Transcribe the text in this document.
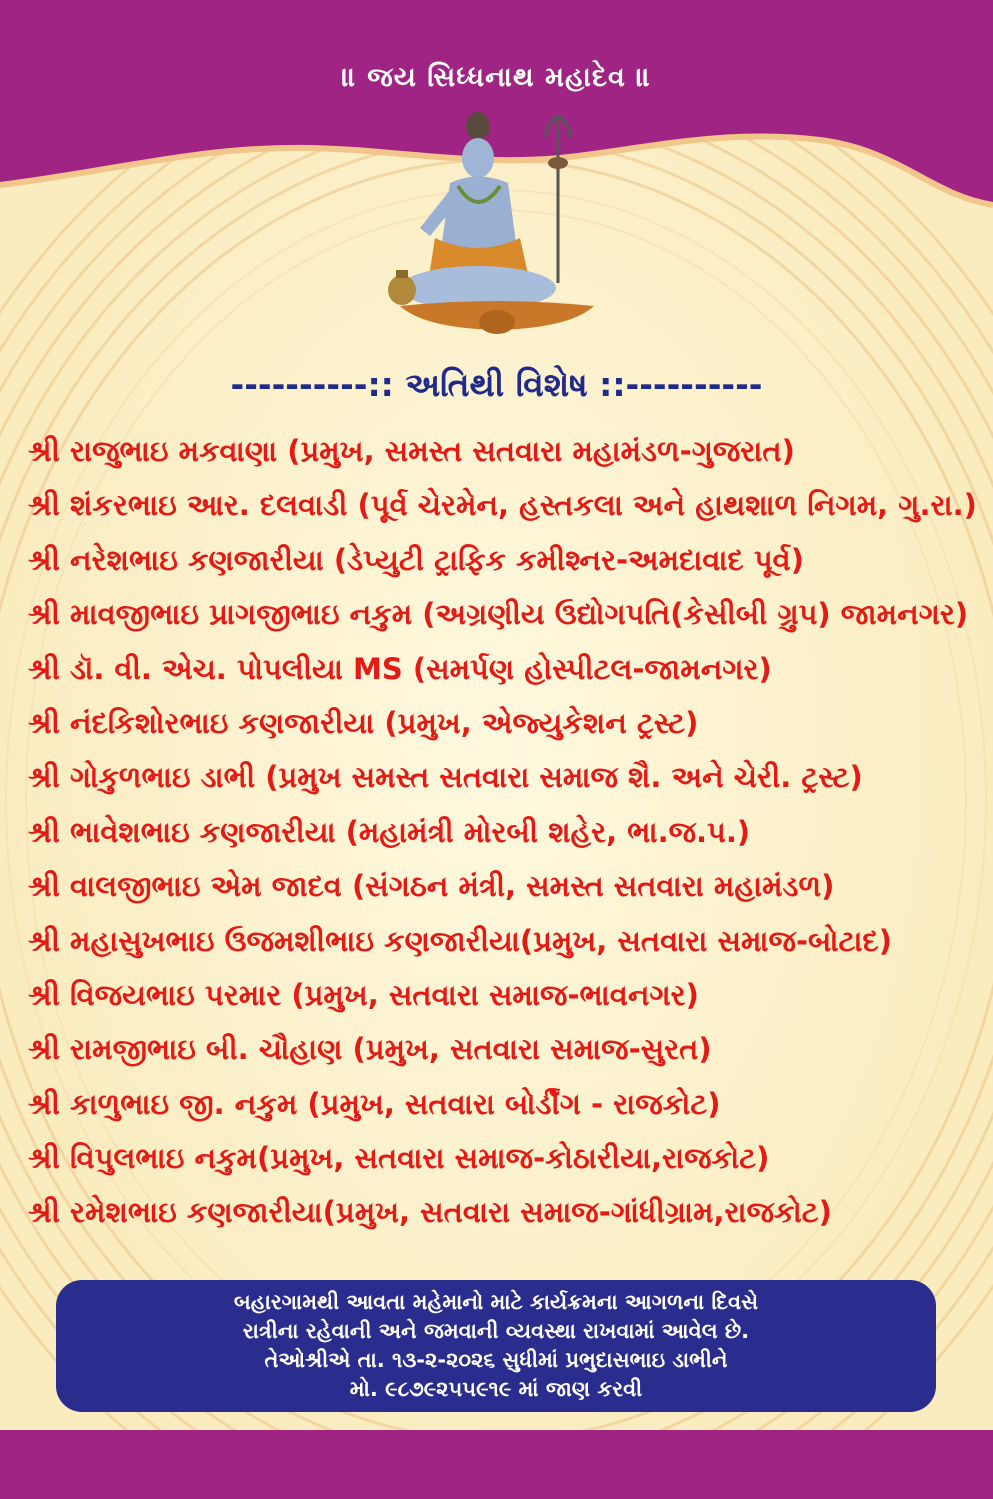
॥ જય સિધ્ધનાથ મહાદેવ ॥
----------:: અતિથી વિશેષ ::----------
શ્રી રાજુભાઇ મકવાણા (પ્રમુખ, સમસ્ત સતવારા મહામંડળ-ગુજરાત)
શ્રી શંકરભાઇ આર. દલવાડી (પૂર્વ ચેરમેન, હસ્તકલા અને હાથશાળ નિગમ, ગુ.રા.)
શ્રી નરેશભાઇ કણજારીયા (ડેપ્યુટી ટ્રાફિક કમીશ્નર-અમદાવાદ પૂર્વ)
શ્રી માવજીભાઇ પ્રાગજીભાઇ નકુમ (અગ્રણીય ઉદ્યોગપતિ(કેસીબી ગ્રુપ) જામનગર)
શ્રી ડૉ. વી. એચ. પોપલીયા MS (સમર્પણ હોસ્પીટલ-જામનગર)
શ્રી નંદકિશોરભાઇ કણજારીયા (પ્રમુખ, એજ્યુકેશન ટ્રસ્ટ)
શ્રી ગોકુળભાઇ ડાભી (પ્રમુખ સમસ્ત સતવારા સમાજ શૈ. અને ચેરી. ટ્રસ્ટ)
શ્રી ભાવેશભાઇ કણજારીયા (મહામંત્રી મોરબી શહેર, ભા.જ.પ.)
શ્રી વાલજીભાઇ એમ જાદવ (સંગઠન મંત્રી, સમસ્ત સતવારા મહામંડળ)
શ્રી મહાસુખભાઇ ઉજમશીભાઇ કણજારીયા(પ્રમુખ, સતવારા સમાજ-બોટાદ)
શ્રી વિજયભાઇ પરમાર (પ્રમુખ, સતવારા સમાજ-ભાવનગર)
શ્રી રામજીભાઇ બી. ચૌહાણ (પ્રમુખ, સતવારા સમાજ-સુરત)
શ્રી કાળુભાઇ જી. નકુમ (પ્રમુખ, સતવારા બોર્ડીંગ - રાજકોટ)
શ્રી વિપુલભાઇ નકુમ(પ્રમુખ, સતવારા સમાજ-કોઠારીયા,રાજકોટ)
શ્રી રમેશભાઇ કણજારીયા(પ્રમુખ, સતવારા સમાજ-ગાંધીગ્રામ,રાજકોટ)
બહારગામથી આવતા મહેમાનો માટે કાર્યક્રમના આગળના દિવસે
રાત્રીના રહેવાની અને જમવાની વ્યવસ્થા રાખવામાં આવેલ છે.
તેઓશ્રીએ તા. ૧૩-૨-૨૦૨૬ સુધીમાં પ્રભુદાસભાઇ ડાભીને
મો. ૯૮૭૯૨૫૫૯૧૯ માં જાણ કરવી
